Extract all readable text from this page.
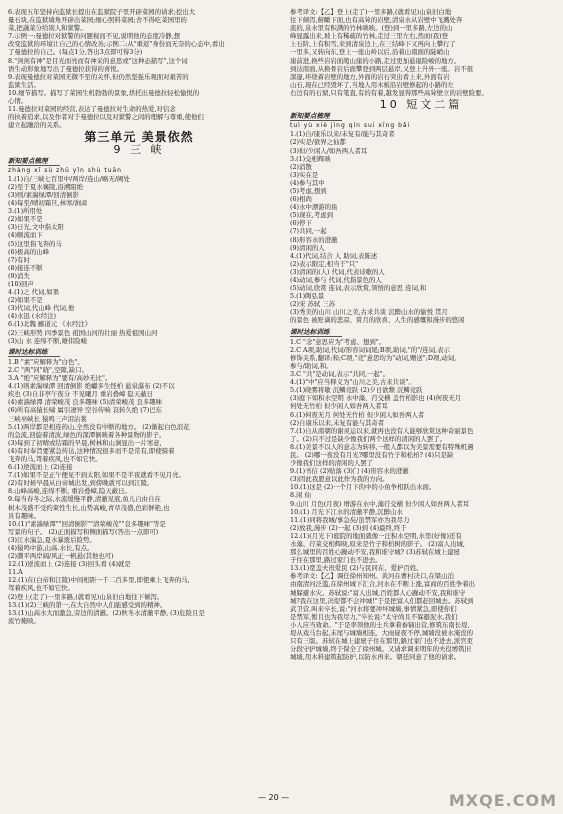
6.表现五年坚持向监狱长提出在监狱院子里开辟菜园的请求;挖出大
量石块,在监狱墙角开辟出菜园;细心照料菜园;舍不得吃菜园里的
菜,把蔬菜分给别人和狱警。
7.示例一:曼德拉对狱警的问题视而不见,说明他的态度冷静,想
改变监狱的环境让自己的心情改善;示例二:从"重返"身份而无奈的心态中,看出
了曼德拉的自己。(每点1分,答出3点即可得3分)
8."剑剑有神"是目光而亮而有神采的意思或"这种态描写",这个词
语生动形象地写出了曼德拉获得的喜悦。
9.表现曼德拉对菜园无微不至的关怀,但仍然坚强乐观面对艰苦的
监狱生活。
10.细节描写。描写了菜园生机勃勃的景象,烘托出曼德拉轻松愉悦的
心情。
11.曼德拉对菜园的经营,表达了曼德拉对生命的热爱,对信念
的执着追求,以及作者对于曼德拉以及对狱警之间的理解与尊重,使他们
建立起融洽的关系。
第三单元 美景依然
9 三 峡
新知要点梳理
zhàng xī sù zhǔ yǐn shù tuān
1.(1)自/三峡七百里中/两岸/连山/略无/阙处
(2)至于夏水襄陵,沿溯阻绝
(3)则/素湍绿潭/回清倒影
(4)每至/晴初霜旦,林寒/涧肃
3.(1)所用处
(2)如果不是
(3)日光,文中指太阳
(4)顺流而下
(5)这里指飞奔的马
(6)极高的山峰
(7)有时
(8)接连不断
(9)消失
(10)回声
4.(1)之 代词,如果
(2)如果不是
(3)代词,代山峰 代词,他
(4)水迅 (水经注)
6.(1)北魏 郦道元 《水经注》
(2)三峡形势 四季景色 祖国山河的壮丽 热爱祖国山河
(3)山 水 连绵不断,雄伟险峻
课时达标训练
1.B "素"应解释为"白色"。
2.C "两"同"晓",空隙,缺口。
3.A "绝"应解释为"要有/高妙无比"。
4.(1)则素湍绿潭 回清倒影 绝巘多生怪柏 悬泉瀑布 (2)不以
疾也 (3)自非亭午夜分 不见曦月 重岩叠嶂 隐天蔽日
(4)素湍绿潭 清荣峻茂 良多趣味 (5)清荣峻茂 良多趣味
(6)所有高猿长啸 属引凄异 空谷传响 哀转久绝 (7)巴东
三峡巫峡长 猿鸣三声泪沾裳
5.(1)两岸都是相连的山,全然没有中断的地方。 (2)渐起白色浪花
的急流,回旋着清波,绿色的深潭倒映着各种景物的影子。
(3)每到了初晴或结霜的早晨,树林和山涧显出一片寒意,
(4)有时奉旨要紧急传达,这种情况很多而不是常有,即使骑着
飞奔的马,驾着疾风,也不如它快。
6.(1)逆流而上 (2)连接
7.(1)如果不是正午便见不到太阳,如果不是半夜就看不见月亮。
(2)有时候早晨从白帝城出发,到傍晚就可以到江陵。
8.山峰高峻,连绵不断, 重岩叠嶂,隐天蔽日。
9.每当春冬之际,水流缓慢平静,清澈见底,鱼儿自由自在
树木茂盛不受约束性生长,山势高峻,青草茂盛,色彩鲜艳,也
具有趣味。
10.(1)"素湍绿潭""回清倒影""清荣峻茂""良多趣味"等是
写景的句子。 (2)正面描写和侧面描写(答出一点即可)
(3)江水湍急,夏水暴涨后险势。
(4)猿鸣中游,山高.水长,有点。
(2)潮平两岸阔/风正一帆悬(其他也可)
12.(1)逆流而上 (2)连接 (3)回头看 (4)就是
11.A
12.(1)在(白帝和江陵)中间相距一千二百多里,即使乘上飞奔的马,
驾着疾风,也不如它快。
(2)登上(走了)一里多路,(就看见)山泉旧白地往下倾泻。
13.(1)(2)三峡的第一,在大自然中人们能感受到的精神。
13.(1)山高水大而激急,旁边的清澈。(2)秋冬水清澈平静, (3)危险且是
流竹掩映。
参考译文:【乙】登上(走了)一里多路,(就看见)山泉旧白地
往下倾泻,俯瞰下面,也有高耸的岩壁,清泉水从岩壁中飞溅处奔
流的,泉水里有积满的竹林映映。(登)到一里多路,左边的山
峰显露出来,坡上有稀疏的竹林,走过三里左右,然而(我)登
上石阶,上有积雪,来到清泉边上,在三结峰下又再向上攀行了
一里多,又转向东,登上一座山岭以后,沿着山南面的陡峭山
崖前进,换些岩岩面爬山崖的小路,走过更加悬崖险峻的地方。
到达南面,从换骨岩后面攀登到两层悬岸,又登上升外一座。岩不很
深邃,环绕着岩壁的地方,外面的岩石突出看上来,外面有岩
山石,现在已经毁坏了,当地人用木板沿岩壁修起的小路的左
右边有的石窟,只有笔直,有的有着,越发显得那些高耸壁立的岩壁险要。
10 短文二篇
新知要点梳理
tuì yù xiè jìng qín sui xīng bǎi
1.(1)自/康乐以来/未复有/能与其奇者
(2)实是/欲界之仙都
(3)但/少闲人/如吾两人者耳
3.(1)交相辉映
(2)消散
(3)实在是
(4)参与其中
(5)考虑,想到
(6)相尚
(4)水中漂游的鱼
(5)现在,考虑到
(6)停下
(7)共同,一起
(8)形容水的澄澈
(9)清闲的人
4.(1)代词,结合 人 助词,表陈述
(2)表示限定,相当于"只"
(3)清闲的(人) 代词,代表诗歌的人
(4)动词,参与 代词,代指景色的人
(5)动词,欣赏 连词,表示欣赏,领悟的意思 连词,和
5.(1)陶弘景
(2)宋 苏轼 三苏
(3)秀美的山川 山川之美,古来共谈 沉醉山水的愉悦 贯月
的景色 被贬谪的悲凉、赏月的欣喜、人生的感慨和漫步的悠闲
课时达标训练
1.C "念"意思应为"考虑、想到"。
2.C A项,助词,代词/形容词词尾;B项,助词,"的"/连词,表示
修饰关系,翻译;和;C项,"竞"意思均为"动词,赠送";D项,动词,
参与/助词,和。
3.C "共"是动词,表示"共同,一起"。
4.(1)"中"应当释义为"山川之美,古来共谈"。
5.(1)晓雾将歇 沉鳞竞跃 (2)夕日欲颓 沉鳞竞跃
(3)庭下如积水空明 水中藻、荇交横 盖竹柏影也 (4)何夜无月
何处无竹柏 但少闲人如吾两人者耳
6.(1)何夜无月 何处无竹柏 但少闲人如吾两人者
(2)自康乐以来,未复有能与其奇者
7.(1)自从南朝的谢灵运以来,就再也没有人能够欣赏这种奇丽景色
了。(2)只不过是缺少像我们两个这样的清闲的人罢了。
8.(1)美景不以人的意志为转移,一般人都以为美景需要有特殊机遇
民。 (2)哪一夜没有月光?哪里没有竹子和松柏? (4)只是缺
少像我们这样的清闲的人罢了
9.(1)书信 (2)贴落 (3)门 (4)形容水的澄澈
(3)因此我愿意以此作为我的方向。
10.(1)这是 (2)一个月下的中的小鱼争相跃出水面。
8.闲 仙
9.山川 月色(月夜) 增游在水中,藻荇交横 但少闲人如吾两人者耳
10.(1) 月光下江水的清澈平静,沉醉山水
11.(1)同将我城/事急矣/虽禁军亦为我尽力
(2)放我,漫步 (2)一起 (3)到 (4)最终,终于
12.(1)(月光下)庭院的地面就像一汪积水空明,水里(好像)还有
水藻、荇菜交相辉映,原来是竹子和柏树的影子。 (2)富人出城,
那么城里的百姓心躁动不安,我和谁守城? (3)苏轼在城上建屋
子住在那里,路过家门也不进去。
13.(1)宽盖夫贵爱民 (2)与民同在、爱护百姓。
参考译文:【乙】调任徐州知州。黄河在曹村决口,在梁山泊
由南清河泛滥,在徐州城下汇合,河水在不断上涨,富商的百姓争着出
城躲避水灾。苏轼说:"富人出城,百姓都人心躁动不安,我和谁守
城?我在这里,决堤都不会冲城!"于是把富人们都赶回城去。苏轼到
武卫营,叫来卒长,说:"河水将要冲坏城墙,事情紧急,即使你们
是禁军,暂且也为我尽力,"卒长说:"太守尚且不躲避泥水,我们
小人应当效命。"于是率领他的士兵拿着畚锸出营,修筑东南长堤,
堤从戏马台起,末尾与城墙相连。大雨昼夜不停,城墙没被水淹没的
只有三版。苏轼在城上建屋子住在那里,路过家门也不进去,派官吏
分段守护城墙,终于保全了徐州城。又请求调来明年的夫役增筑旧
城墙,用木料建筑起防护,以防水再来。朝廷同意了他的请求。
— 20 —	MXQE.COM
